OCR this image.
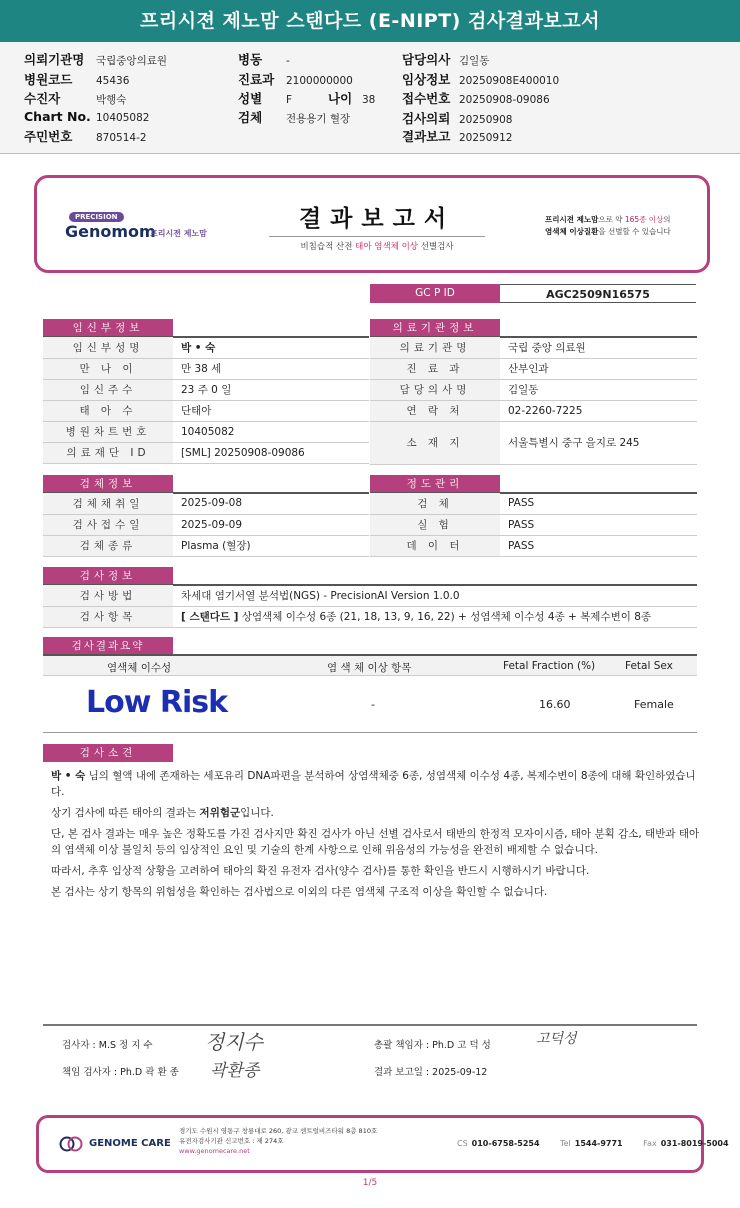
프리시젼 제노맘 스탠다드 (E-NIPT) 검사결과보고서
의뢰기관명 국립중앙의료원
병원코드 45436
수진자	박행숙
Chart No. 10405082
주민번호 870514-2
병동 -
진료과 2100000000
성별 F	나이 38
검체 전용용기 혈장
담당의사 김일동
임상정보 20250908E400010
접수번호 20250908-09086
검사의뢰 20250908
결과보고 20250912
PRECISION
Genomom
프리시젼 제노맘
결과보고서
비침습적 산전 태아 염색체 이상 선별검사
프리시젼 제노맘으로 약 165종 이상의
염색체 이상질환을 선별할 수 있습니다
GC P ID	AGC2509N16575
임신부정보
임신부성명	박 • 숙
만 나 이	만 38 세
임신주수	23 주 0 일
태 아 수	단태아
병원차트번호	10405082
의료재단 ID	[SML] 20250908-09086
의료기관정보
의료기관명	국립 중앙 의료원
진 료 과	산부인과
담당의사명	김일동
연 락 처	02-2260-7225
소 재 지	서울특별시 중구 을지로 245
검체정보
검체채취일	2025-09-08
검사접수일	2025-09-09
검체종류	Plasma (혈장)
정도관리
검 체	PASS
실 험	PASS
데 이 터	PASS
검사정보
검사방법	차세대 염기서열 분석법(NGS) - PrecisionAI Version 1.0.0
검사항목	[ 스탠다드 ] 상염색체 이수성 6종 (21, 18, 13, 9, 16, 22) + 성염색체 이수성 4종 + 복제수변이 8종
검사결과요약
염색체 이수성	염 색 체 이상 항목	Fetal Fraction (%)	Fetal Sex
Low Risk	-	16.60	Female
검사소견

박 • 숙 님의 혈액 내에 존재하는 세포유리 DNA파편을 분석하여 상염색체중 6종, 성염색체 이수성 4종, 복제수변이 8종에 대해 확인하였습니다.

상기 검사에 따른 태아의 결과는 저위험군입니다.

단, 본 검사 결과는 매우 높은 정확도를 가진 검사지만 확진 검사가 아닌 선별 검사로서 태반의 한정적 모자이시즘, 태아 분획 감소, 태반과 태아의 염색체 이상 불일치 등의 임상적인 요인 및 기술의 한계 사항으로 인해 위음성의 가능성을 완전히 배제할 수 없습니다.

따라서, 추후 임상적 상황을 고려하여 태아의 확진 유전자 검사(양수 검사)를 통한 확인을 반드시 시행하시기 바랍니다.

본 검사는 상기 항목의 위험성을 확인하는 검사법으로 이외의 다른 염색체 구조적 이상을 확인할 수 없습니다.

검사자 : M.S 정 지 수	정지수
책임 검사자 : Ph.D 곽 환 종 곽환종
총괄 책임자 : Ph.D 고 덕 성	고덕성
결과 보고일 : 2025-09-12
GENOME CARE
경기도 수원시 영통구 창룡대로 260, 광교 센트럴비즈타워 8층 810호
유전자검사기관 신고번호 : 제 274호
www.genomecare.net
CS 010-6758-5254	Tel 1544-9771	Fax 031-8019-5004
1/5
